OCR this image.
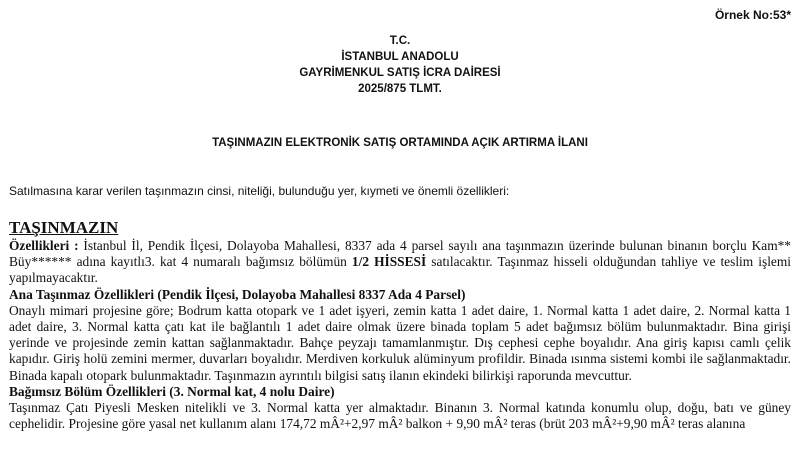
Örnek No:53*
T.C.
İSTANBUL ANADOLU
GAYRİMENKUL SATIŞ İCRA DAİRESİ
2025/875 TLMT.
TAŞINMAZIN ELEKTRONİK SATIŞ ORTAMINDA AÇIK ARTIRMA İLANI
Satılmasına karar verilen taşınmazın cinsi, niteliği, bulunduğu yer, kıymeti ve önemli özellikleri:
TAŞINMAZIN

Özellikleri : İstanbul İl, Pendik İlçesi, Dolayoba Mahallesi, 8337 ada 4 parsel sayılı ana taşınmazın üzerinde bulunan binanın borçlu Kam** Büy****** adına kayıtlı3. kat 4 numaralı bağımsız bölümün 1/2 HİSSESİ satılacaktır. Taşınmaz hisseli olduğundan tahliye ve teslim işlemi yapılmayacaktır.

Ana Taşınmaz Özellikleri (Pendik İlçesi, Dolayoba Mahallesi 8337 Ada 4 Parsel)

Onaylı mimari projesine göre; Bodrum katta otopark ve 1 adet işyeri, zemin katta 1 adet daire, 1. Normal katta 1 adet daire, 2. Normal katta 1 adet daire, 3. Normal katta çatı kat ile bağlantılı 1 adet daire olmak üzere binada toplam 5 adet bağımsız bölüm bulunmaktadır. Bina girişi yerinde ve projesinde zemin kattan sağlanmaktadır. Bahçe peyzajı tamamlanmıştır. Dış cephesi cephe boyalıdır. Ana giriş kapısı camlı çelik kapıdır. Giriş holü zemini mermer, duvarları boyalıdır. Merdiven korkuluk alüminyum profildir. Binada ısınma sistemi kombi ile sağlanmaktadır. Binada kapalı otopark bulunmaktadır. Taşınmazın ayrıntılı bilgisi satış ilanın ekindeki bilirkişi raporunda mevcuttur.

Bağımsız Bölüm Özellikleri (3. Normal kat, 4 nolu Daire)

Taşınmaz Çatı Piyesli Mesken nitelikli ve 3. Normal katta yer almaktadır. Binanın 3. Normal katında konumlu olup, doğu, batı ve güney cephelidir. Projesine göre yasal net kullanım alanı 174,72 mÂ²+2,97 mÂ² balkon + 9,90 mÂ² teras (brüt 203 mÂ²+9,90 mÂ² teras alanına
